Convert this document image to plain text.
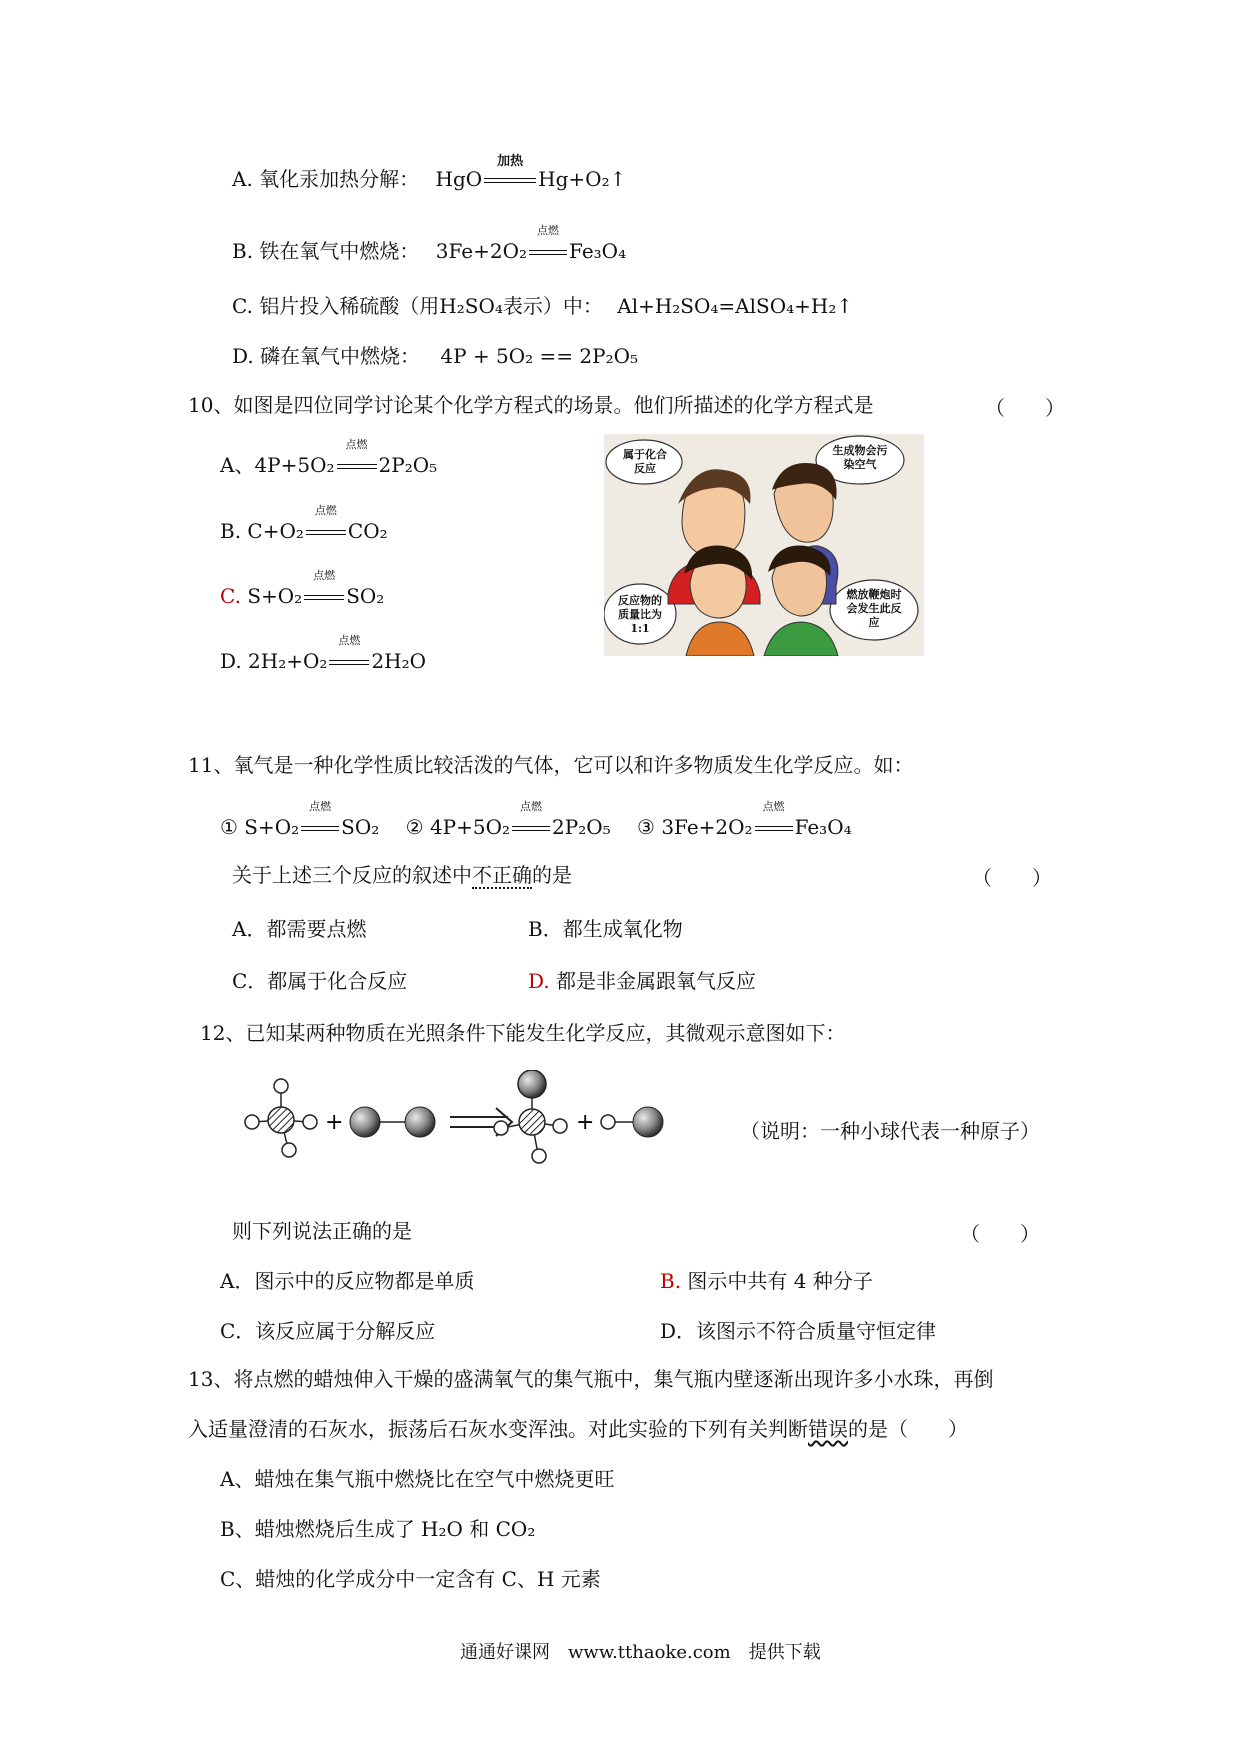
A. 氧化汞加热分解： HgO
加热
Hg+O₂↑
B. 铁在氧气中燃烧： 3Fe+2O₂
点燃
Fe₃O₄
C. 铝片投入稀硫酸（用H₂SO₄表示）中： Al+H₂SO₄=AlSO₄+H₂↑
D. 磷在氧气中燃烧： 4P + 5O₂ == 2P₂O₅
10、如图是四位同学讨论某个化学方程式的场景。他们所描述的化学方程式是	（　　）
A、4P+5O₂
点燃
2P₂O₅
B. C+O₂
点燃
CO₂
C. S+O₂
点燃
SO₂
D. 2H₂+O₂
点燃
2H₂O
属于化合反应
生成物会污染空气
反应物的质量比为1:1
燃放鞭炮时会发生此反应
11、氧气是一种化学性质比较活泼的气体，它可以和许多物质发生化学反应。如：
① S+O₂
点燃
SO₂ ② 4P+5O₂
点燃
2P₂O₅ ③ 3Fe+2O₂
点燃
Fe₃O₄
关于上述三个反应的叙述中不正确的是	（　　）
A．都需要点燃	B．都生成氧化物
C．都属于化合反应	D. 都是非金属跟氧气反应
12、已知某两种物质在光照条件下能发生化学反应，其微观示意图如下：
+	+	（说明：一种小球代表一种原子）
则下列说法正确的是	（　　）
A．图示中的反应物都是单质	B. 图示中共有 4 种分子
C．该反应属于分解反应	D．该图示不符合质量守恒定律
13、将点燃的蜡烛伸入干燥的盛满氧气的集气瓶中，集气瓶内壁逐渐出现许多小水珠，再倒
入适量澄清的石灰水，振荡后石灰水变浑浊。对此实验的下列有关判断错误的是（　　）
A、蜡烛在集气瓶中燃烧比在空气中燃烧更旺
B、蜡烛燃烧后生成了 H₂O 和 CO₂
C、蜡烛的化学成分中一定含有 C、H 元素
通通好课网　www.tthaoke.com　提供下载
